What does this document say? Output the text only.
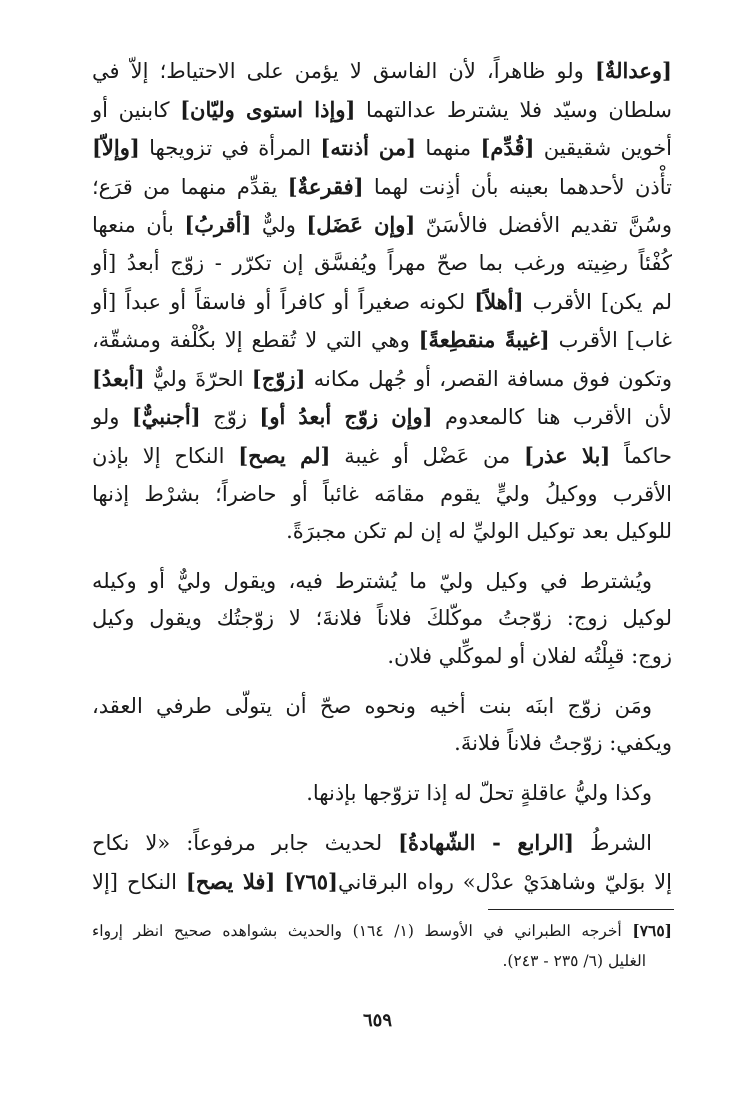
[وعدالةٌ] ولو ظاهراً، لأن الفاسق لا يؤمن على الاحتياط؛ إلاّ في
سلطان وسيّد فلا يشترط عدالتهما [وإذا استوى وليّان] كابنين أو
أخوين شقيقين [قُدِّم] منهما [من أذنته] المرأة في تزويجها [وإلاّ]
تأْذن لأحدهما بعينه بأن أذِنت لهما [فقرعةٌ] يقدِّم منهما من قرَع؛
وسُنَّ تقديم الأفضل فالأسَنّ [وإن عَضَل] وليٌّ [أقربُ] بأن منعها
كُفْئاً رضِيته ورغب بما صحّ مهراً ويُفسَّق إن تكرّر - زوّج أبعدُ [أو
لم يكن] الأقرب [أهلاً] لكونه صغيراً أو كافراً أو فاسقاً أو عبداً [أو
غاب] الأقرب [غيبةً منقطِعةً] وهي التي لا تُقطع إلا بكُلْفة ومشقّة،
وتكون فوق مسافة القصر، أو جُهل مكانه [زوّج] الحرّةَ وليٌّ [أبعدُ]
لأن الأقرب هنا كالمعدوم [وإن زوّج أبعدُ أو] زوّج [أجنبيٌّ] ولو
حاكماً [بلا عذر] من عَضْل أو غيبة [لم يصح] النكاح إلا بإذن
الأقرب ووكيلُ وليٍّ يقوم مقامَه غائباً أو حاضراً؛ بشرْط إذنها
للوكيل بعد توكيل الوليِّ له إن لم تكن مجبرَةً.

ويُشترط في وكيل وليّ ما يُشترط فيه، ويقول وليٌّ أو وكيله
لوكيل زوج: زوّجتُ موكّلكَ فلاناً فلانةَ؛ لا زوّجتُك ويقول وكيل
زوج: قبِلْتُه لفلان أو لموكِّلي فلان.

ومَن زوّج ابنَه بنت أخيه ونحوه صحّ أن يتولّى طرفي العقد،
ويكفي: زوّجتُ فلاناً فلانةَ.

وكذا وليُّ عاقلةٍ تحلّ له إذا تزوّجها بإذنها.

الشرطُ [الرابع - الشّهادةُ] لحديث جابر مرفوعاً: «لا نكاح
إلا بوَليّ وشاهدَيْ عدْل» رواه البرقاني[٧٦٥] [فلا يصح] النكاح [إلا

[٧٦٥] أخرجه الطبراني في الأوسط (١/ ١٦٤) والحديث بشواهده صحيح انظر إرواء
الغليل (٦/ ٢٣٥ - ٢٤٣).
٦٥٩
